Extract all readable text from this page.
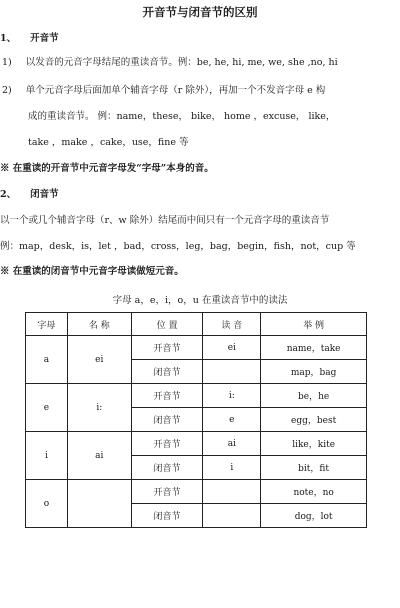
开音节与闭音节的区别
1、 开音节
1) 以发音的元音字母结尾的重读音节。例：be, he, hi, me, we, she ,no, hi
2) 单个元音字母后面加单个辅音字母（r 除外），再加一个不发音字母 e 构
成的重读音节。 例：name，these， bike， home ，excuse， like，
take ，make ，cake，use，fine 等
※ 在重读的开音节中元音字母发“字母”本身的音。
2、 闭音节
以一个或几个辅音字母（r、w 除外）结尾而中间只有一个元音字母的重读音节
例：map，desk，is，let ，bad，cross，leg，bag，begin，fish，not，cup 等
※ 在重读的闭音节中元音字母读做短元音。
字母 a，e，i，o，u 在重读音节中的读法
字母	名 称	位 置	读 音	举 例
a	ei	开音节	ei	name，take
		闭音节		map，bag
e	i:	开音节	i:	be，he
		闭音节	e	egg，best
i	ai	开音节	ai	like，kite
		闭音节	i	bit，fit
o		开音节		note，no
		闭音节		dog，lot
